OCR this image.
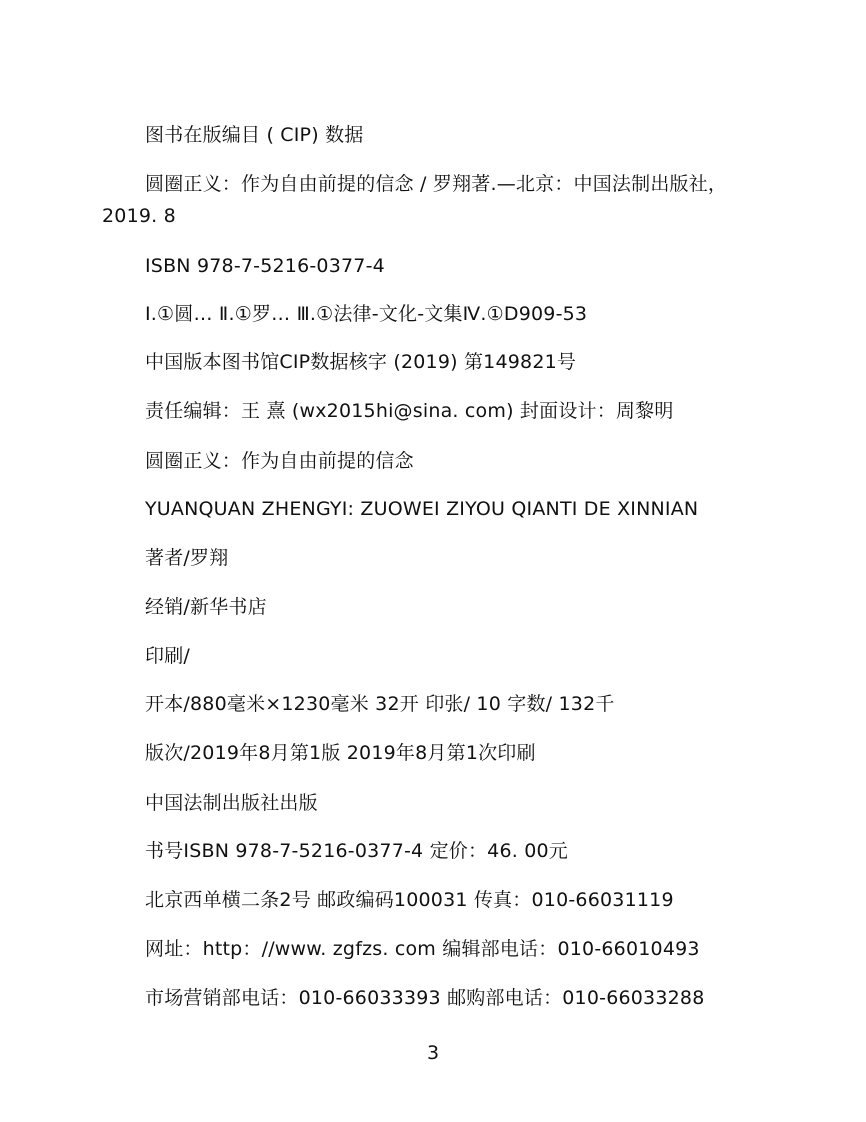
图书在版编目 ( CIP) 数据
圆圈正义：作为自由前提的信念 / 罗翔著.—北京：中国法制出版社，2019. 8
ISBN 978-7-5216-0377-4
Ⅰ.①圆… Ⅱ.①罗… Ⅲ.①法律-文化-文集Ⅳ.①D909-53
中国版本图书馆CIP数据核字 (2019) 第149821号
责任编辑：王 熹 (wx2015hi@sina. com) 封面设计：周黎明
圆圈正义：作为自由前提的信念
YUANQUAN ZHENGYI: ZUOWEI ZIYOU QIANTI DE XINNIAN
著者/罗翔
经销/新华书店
印刷/
开本/880毫米×1230毫米 32开 印张/ 10 字数/ 132千
版次/2019年8月第1版 2019年8月第1次印刷
中国法制出版社出版
书号ISBN 978-7-5216-0377-4 定价：46. 00元
北京西单横二条2号 邮政编码100031 传真：010-66031119
网址：http：//www. zgfzs. com 编辑部电话：010-66010493
市场营销部电话：010-66033393 邮购部电话：010-66033288
3
